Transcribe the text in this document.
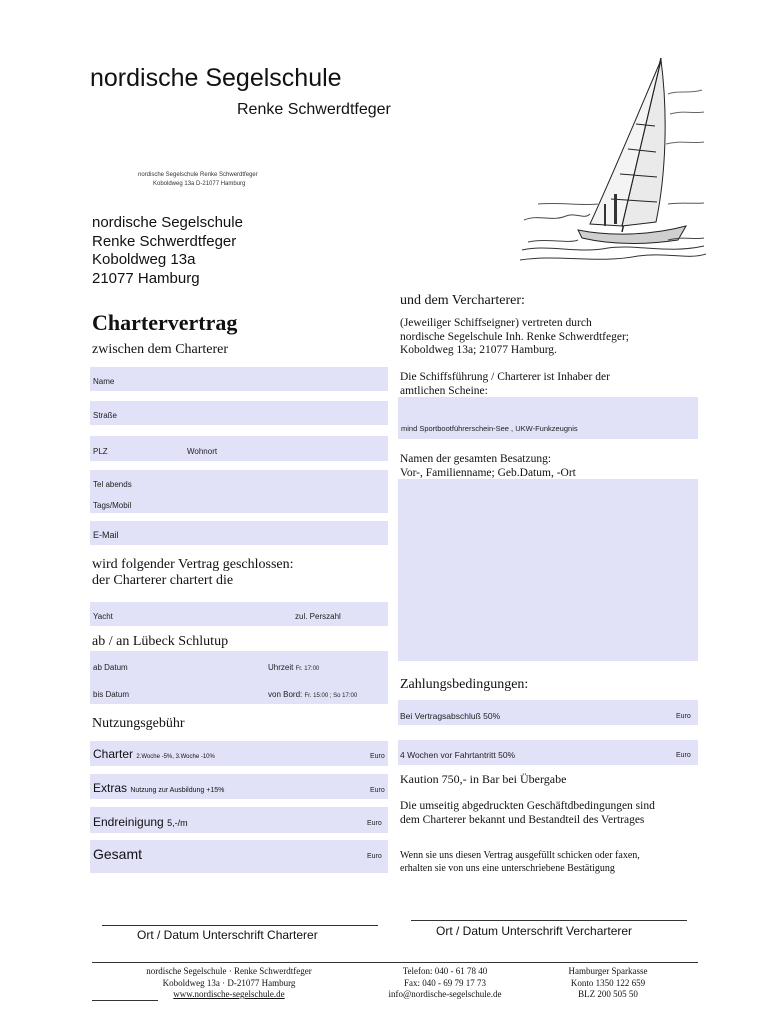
nordische Segelschule
Renke Schwerdtfeger
nordische Segelschule Renke Schwerdtfeger
Koboldweg 13a D-21077 Hamburg
nordische Segelschule
Renke Schwerdtfeger
Koboldweg 13a
21077 Hamburg
Chartervertrag
zwischen dem Charterer
Name
Straße
PLZ	Wohnort
Tel abends
Tags/Mobil
E-Mail
wird folgender Vertrag geschlossen:
der Charterer chartert die
Yacht	zul. Perszahl
ab / an Lübeck Schlutup
ab Datum	Uhrzeit Fr. 17:00
bis Datum	von Bord: Fr. 15:00 ; So 17:00
Nutzungsgebühr
Charter 2.Woche -5%, 3.Woche -10%	Euro
Extras Nutzung zur Ausbildung +15%	Euro
Endreinigung 5,-/m	Euro
Gesamt	Euro
und dem Vercharterer:
(Jeweiliger Schiffseigner) vertreten durch
nordische Segelschule Inh. Renke Schwerdtfeger;
Koboldweg 13a; 21077 Hamburg.
Die Schiffsführung / Charterer ist Inhaber der
amtlichen Scheine:
mind Sportbootführerschein-See , UKW-Funkzeugnis
Namen der gesamten Besatzung:
Vor-, Familienname; Geb.Datum, -Ort
Zahlungsbedingungen:
Bei Vertragsabschluß 50%	Euro
4 Wochen vor Fahrtantritt 50%	Euro
Kaution 750,- in Bar bei Übergabe
Die umseitig abgedruckten Geschäftdbedingungen sind
dem Charterer bekannt und Bestandteil des Vertrages
Wenn sie uns diesen Vertrag ausgefüllt schicken oder faxen,
erhalten sie von uns eine unterschriebene Bestätigung
Ort / Datum Unterschrift Charterer	Ort / Datum Unterschrift Vercharterer
nordische Segelschule · Renke Schwerdtfeger
Koboldweg 13a · D-21077 Hamburg
www.nordische-segelschule.de
Telefon: 040 - 61 78 40
Fax: 040 - 69 79 17 73
info@nordische-segelschule.de
Hamburger Sparkasse
Konto 1350 122 659
BLZ 200 505 50
